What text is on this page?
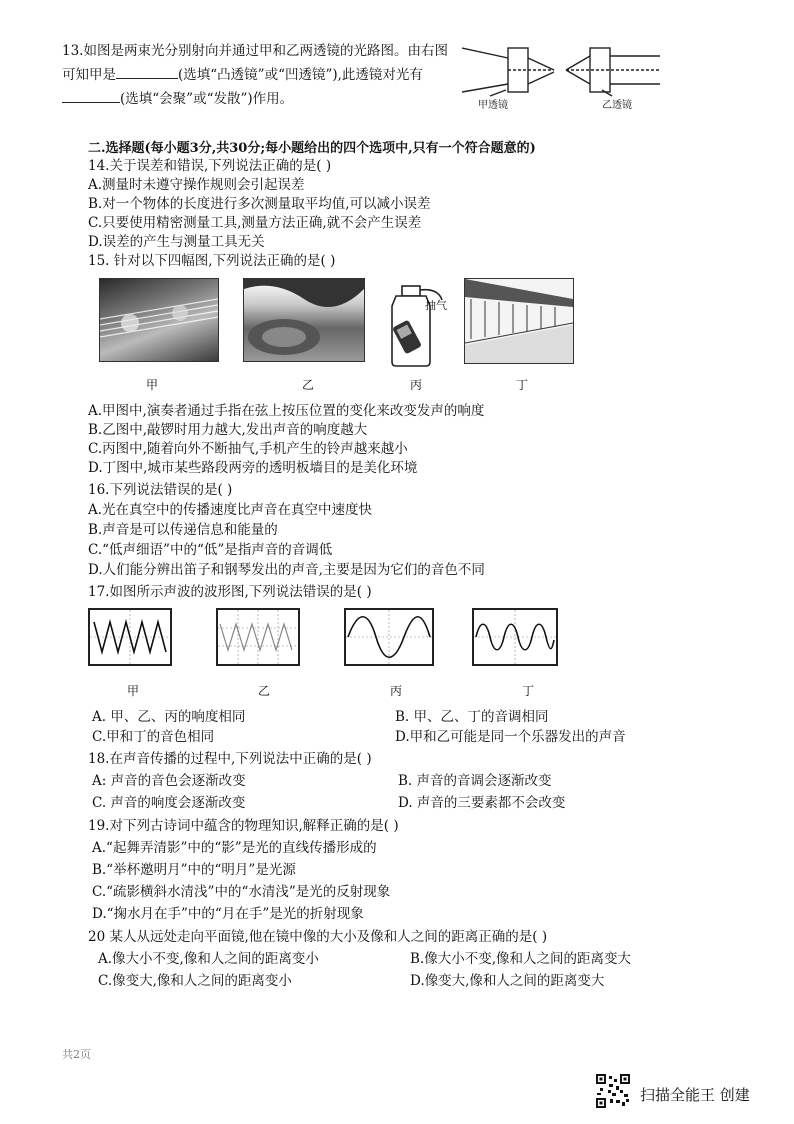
13.如图是两束光分别射向并通过甲和乙两透镜的光路图。由右图
可知甲是	(选填“凸透镜”或“凹透镜”),此透镜对光有
(选填“会聚”或“发散”)作用。	甲透镜	乙透镜
二.选择题(每小题3分,共30分;每小题给出的四个选项中,只有一个符合题意的)
14.关于误差和错误,下列说法正确的是( )
A.测量时未遵守操作规则会引起误差
B.对一个物体的长度进行多次测量取平均值,可以减小误差
C.只要使用精密测量工具,测量方法正确,就不会产生误差
D.误差的产生与测量工具无关
15. 针对以下四幅图,下列说法正确的是( )
抽气
甲	乙	丙	丁
A.甲图中,演奏者通过手指在弦上按压位置的变化来改变发声的响度
B.乙图中,敲锣时用力越大,发出声音的响度越大
C.丙图中,随着向外不断抽气,手机产生的铃声越来越小
D.丁图中,城市某些路段两旁的透明板墙目的是美化环境
16.下列说法错误的是( )
A.光在真空中的传播速度比声音在真空中速度快
B.声音是可以传递信息和能量的
C.“低声细语”中的“低”是指声音的音调低
D.人们能分辨出笛子和钢琴发出的声音,主要是因为它们的音色不同
17.如图所示声波的波形图,下列说法错误的是( )
甲	乙	丙	丁
A. 甲、乙、丙的响度相同	B. 甲、乙、丁的音调相同
C.甲和丁的音色相同	D.甲和乙可能是同一个乐器发出的声音
18.在声音传播的过程中,下列说法中正确的是( )
A: 声音的音色会逐渐改变	B. 声音的音调会逐渐改变
C. 声音的响度会逐渐改变	D. 声音的三要素都不会改变
19.对下列古诗词中蕴含的物理知识,解释正确的是( )
A.“起舞弄清影”中的“影”是光的直线传播形成的
B.“举杯邀明月”中的“明月”是光源
C.“疏影横斜水清浅”中的“水清浅”是光的反射现象
D.“掬水月在手”中的“月在手”是光的折射现象
20 某人从远处走向平面镜,他在镜中像的大小及像和人之间的距离正确的是( )
A.像大小不变,像和人之间的距离变小	B.像大小不变,像和人之间的距离变大
C.像变大,像和人之间的距离变小	D.像变大,像和人之间的距离变大
共2页
扫描全能王 创建
